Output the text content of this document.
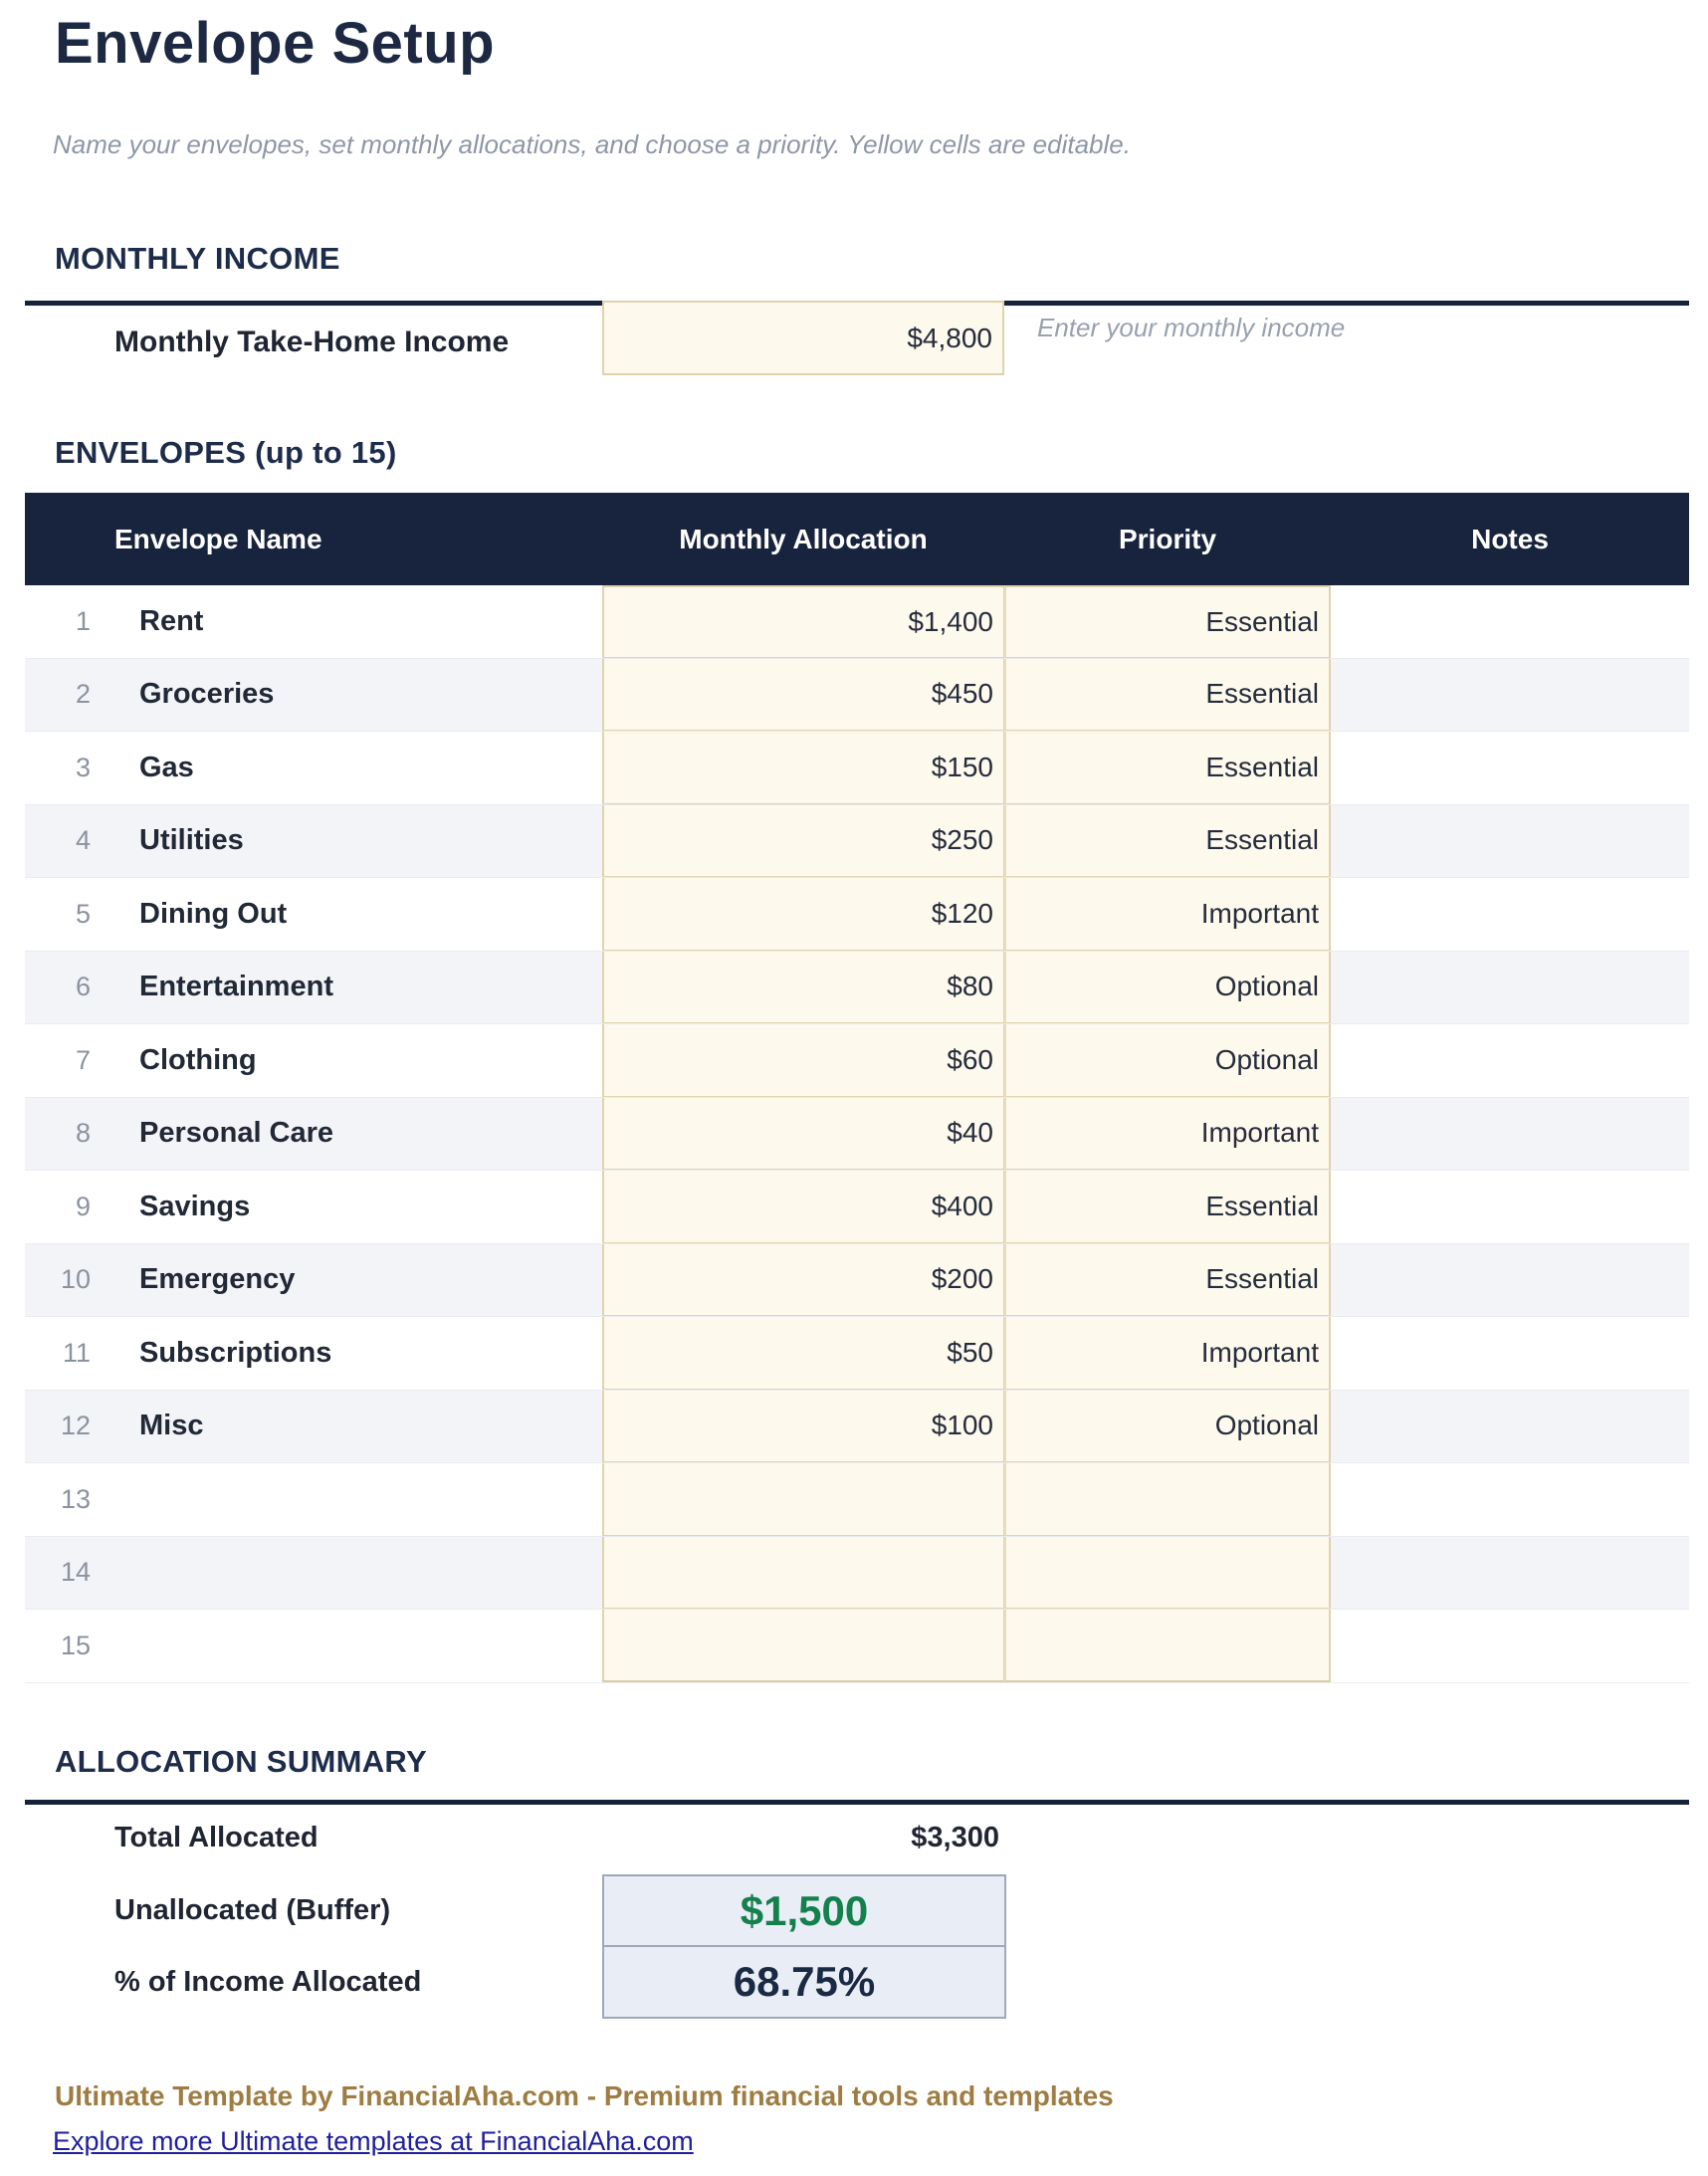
Envelope Setup
Name your envelopes, set monthly allocations, and choose a priority. Yellow cells are editable.
MONTHLY INCOME
Monthly Take-Home Income	$4,800	Enter your monthly income
ENVELOPES (up to 15)
Envelope Name	Monthly Allocation	Priority	Notes
1	Rent	$1,400	Essential
2	Groceries	$450	Essential
3	Gas	$150	Essential
4	Utilities	$250	Essential
5	Dining Out	$120	Important
6	Entertainment	$80	Optional
7	Clothing	$60	Optional
8	Personal Care	$40	Important
9	Savings	$400	Essential
10	Emergency	$200	Essential
11	Subscriptions	$50	Important
12	Misc	$100	Optional
13
14
15
ALLOCATION SUMMARY
Total Allocated	$3,300
Unallocated (Buffer)	$1,500
% of Income Allocated	68.75%
Ultimate Template by FinancialAha.com - Premium financial tools and templates
Explore more Ultimate templates at FinancialAha.com
